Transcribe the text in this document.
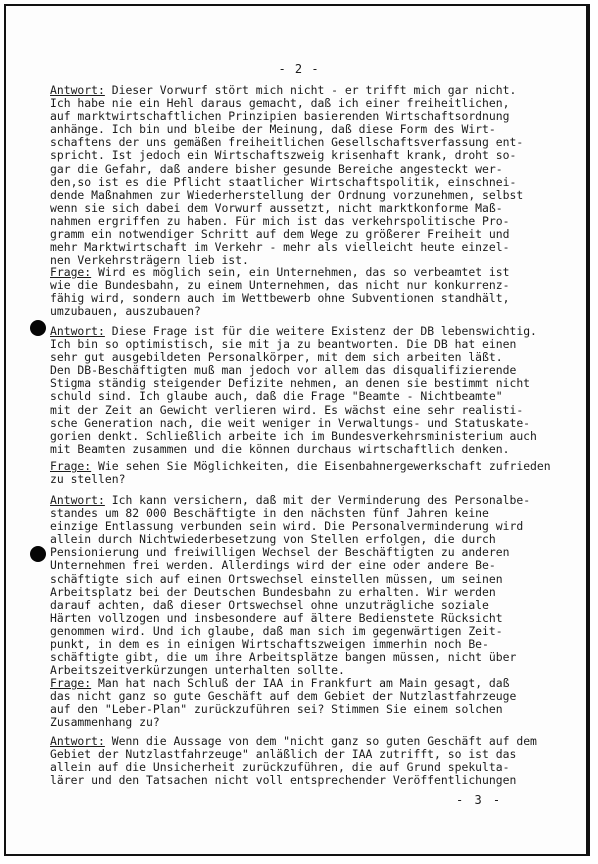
- 2 -
Antwort: Dieser Vorwurf stört mich nicht - er trifft mich gar nicht.
Ich habe nie ein Hehl daraus gemacht, daß ich einer freiheitlichen,
auf marktwirtschaftlichen Prinzipien basierenden Wirtschaftsordnung
anhänge. Ich bin und bleibe der Meinung, daß diese Form des Wirt-
schaftens der uns gemäßen freiheitlichen Gesellschaftsverfassung ent-
spricht. Ist jedoch ein Wirtschaftszweig krisenhaft krank, droht so-
gar die Gefahr, daß andere bisher gesunde Bereiche angesteckt wer-
den,so ist es die Pflicht staatlicher Wirtschaftspolitik, einschnei-
dende Maßnahmen zur Wiederherstellung der Ordnung vorzunehmen, selbst
wenn sie sich dabei dem Vorwurf aussetzt, nicht marktkonforme Maß-
nahmen ergriffen zu haben. Für mich ist das verkehrspolitische Pro-
gramm ein notwendiger Schritt auf dem Wege zu größerer Freiheit und
mehr Marktwirtschaft im Verkehr - mehr als vielleicht heute einzel-
nen Verkehrsträgern lieb ist.
Frage: Wird es möglich sein, ein Unternehmen, das so verbeamtet ist
wie die Bundesbahn, zu einem Unternehmen, das nicht nur konkurrenz-
fähig wird, sondern auch im Wettbewerb ohne Subventionen standhält,
umzubauen, auszubauen?
Antwort: Diese Frage ist für die weitere Existenz der DB lebenswichtig.
Ich bin so optimistisch, sie mit ja zu beantworten. Die DB hat einen
sehr gut ausgebildeten Personalkörper, mit dem sich arbeiten läßt.
Den DB-Beschäftigten muß man jedoch vor allem das disqualifizierende
Stigma ständig steigender Defizite nehmen, an denen sie bestimmt nicht
schuld sind. Ich glaube auch, daß die Frage "Beamte - Nichtbeamte"
mit der Zeit an Gewicht verlieren wird. Es wächst eine sehr realisti-
sche Generation nach, die weit weniger in Verwaltungs- und Statuskate-
gorien denkt. Schließlich arbeite ich im Bundesverkehrsministerium auch
mit Beamten zusammen und die können durchaus wirtschaftlich denken.
Frage: Wie sehen Sie Möglichkeiten, die Eisenbahnergewerkschaft zufrieden
zu stellen?
Antwort: Ich kann versichern, daß mit der Verminderung des Personalbe-
standes um 82 000 Beschäftigte in den nächsten fünf Jahren keine
einzige Entlassung verbunden sein wird. Die Personalverminderung wird
allein durch Nichtwiederbesetzung von Stellen erfolgen, die durch
Pensionierung und freiwilligen Wechsel der Beschäftigten zu anderen
Unternehmen frei werden. Allerdings wird der eine oder andere Be-
schäftigte sich auf einen Ortswechsel einstellen müssen, um seinen
Arbeitsplatz bei der Deutschen Bundesbahn zu erhalten. Wir werden
darauf achten, daß dieser Ortswechsel ohne unzuträgliche soziale
Härten vollzogen und insbesondere auf ältere Bedienstete Rücksicht
genommen wird. Und ich glaube, daß man sich im gegenwärtigen Zeit-
punkt, in dem es in einigen Wirtschaftszweigen immerhin noch Be-
schäftigte gibt, die um ihre Arbeitsplätze bangen müssen, nicht über
Arbeitszeitverkürzungen unterhalten sollte.
Frage: Man hat nach Schluß der IAA in Frankfurt am Main gesagt, daß
das nicht ganz so gute Geschäft auf dem Gebiet der Nutzlastfahrzeuge
auf den "Leber-Plan" zurückzuführen sei? Stimmen Sie einem solchen
Zusammenhang zu?
Antwort: Wenn die Aussage von dem "nicht ganz so guten Geschäft auf dem
Gebiet der Nutzlastfahrzeuge" anläßlich der IAA zutrifft, so ist das
allein auf die Unsicherheit zurückzuführen, die auf Grund spekulta-
lärer und den Tatsachen nicht voll entsprechender Veröffentlichungen
- 3 -
